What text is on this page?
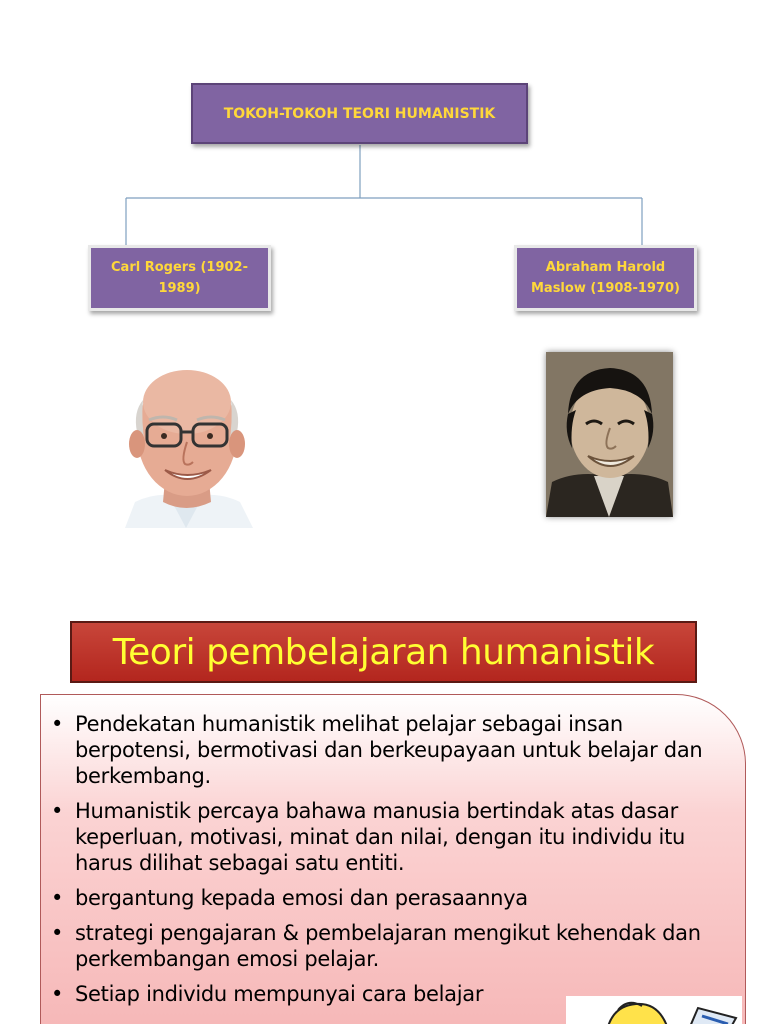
TOKOH-TOKOH TEORI HUMANISTIK
Carl Rogers (1902-1989)
Abraham Harold Maslow (1908-1970)
Teori pembelajaran humanistik
• Pendekatan humanistik melihat pelajar sebagai insan berpotensi, bermotivasi dan berkeupayaan untuk belajar dan berkembang.
• Humanistik percaya bahawa manusia bertindak atas dasar keperluan, motivasi, minat dan nilai, dengan itu individu itu harus dilihat sebagai satu entiti.
• bergantung kepada emosi dan perasaannya
• strategi pengajaran & pembelajaran mengikut kehendak dan perkembangan emosi pelajar.
• Setiap individu mempunyai cara belajar
